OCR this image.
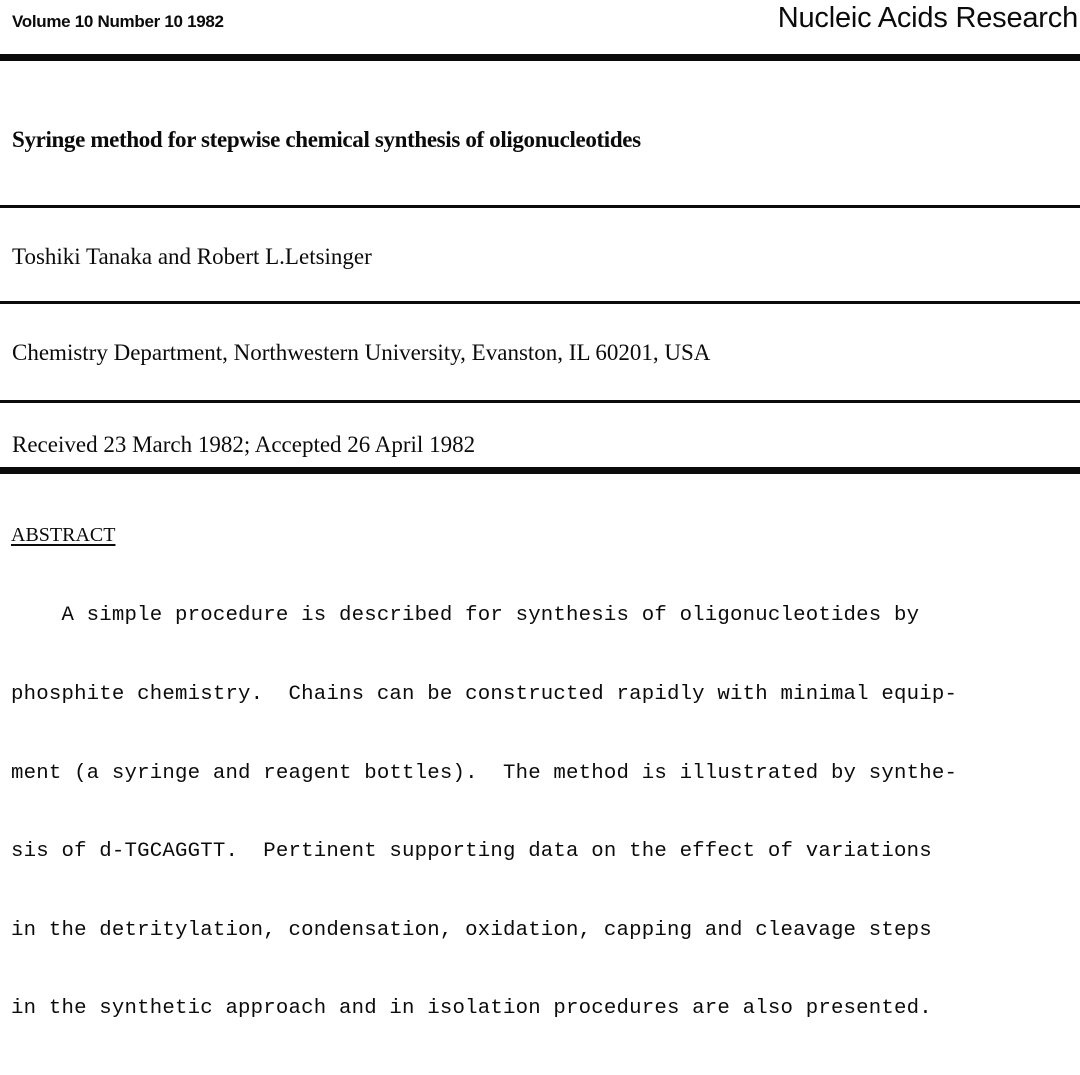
Volume 10 Number 10 1982	Nucleic Acids Research
Syringe method for stepwise chemical synthesis of oligonucleotides
Toshiki Tanaka and Robert L.Letsinger
Chemistry Department, Northwestern University, Evanston, IL 60201, USA
Received 23 March 1982; Accepted 26 April 1982
ABSTRACT

A simple procedure is described for synthesis of oligonucleotides by

phosphite chemistry.  Chains can be constructed rapidly with minimal equip-

ment (a syringe and reagent bottles).  The method is illustrated by synthe-

sis of d-TGCAGGTT.  Pertinent supporting data on the effect of variations

in the detritylation, condensation, oxidation, capping and cleavage steps

in the synthetic approach and in isolation procedures are also presented.
